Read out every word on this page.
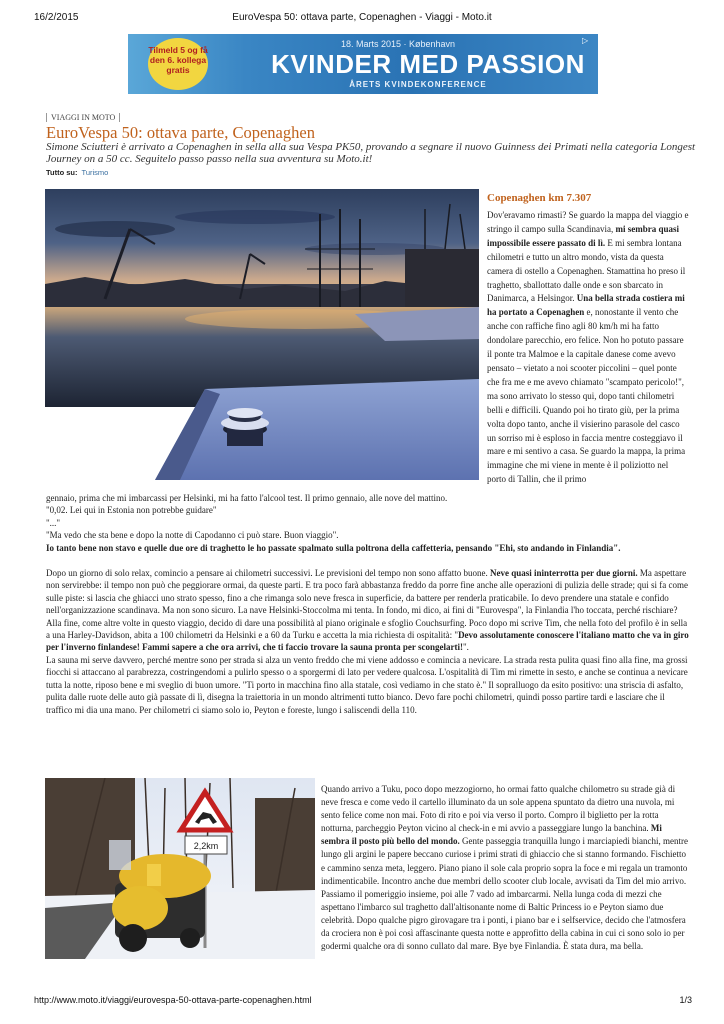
16/2/2015	EuroVespa 50: ottava parte, Copenaghen - Viaggi - Moto.it
Tilmeld 5 og få den 6. kollega gratis
18. Marts 2015 · København
KVINDER MED PASSION
ÅRETS KVINDEKONFERENCE
▷
VIAGGI IN MOTO
EuroVespa 50: ottava parte, Copenaghen

Simone Sciutteri è arrivato a Copenaghen in sella alla sua Vespa PK50, provando a segnare il nuovo Guinness dei Primati nella categoria Longest Journey on a 50 cc. Seguitelo passo passo nella sua avventura su Moto.it!

Tutto su: Turismo
Copenaghen km 7.307

Dov'eravamo rimasti? Se guardo la mappa del viaggio e stringo il campo sulla Scandinavia, mi sembra quasi impossibile essere passato di lì. E mi sembra lontana chilometri e tutto un altro mondo, vista da questa camera di ostello a Copenaghen. Stamattina ho preso il traghetto, sballottato dalle onde e son sbarcato in Danimarca, a Helsingor. Una bella strada costiera mi ha portato a Copenaghen e, nonostante il vento che anche con raffiche fino agli 80 km/h mi ha fatto dondolare parecchio, ero felice. Non ho potuto passare il ponte tra Malmoe e la capitale danese come avevo pensato – vietato a noi scooter piccolini – quel ponte che fra me e me avevo chiamato "scampato pericolo!", ma sono arrivato lo stesso qui, dopo tanti chilometri belli e difficili. Quando poi ho tirato giù, per la prima volta dopo tanto, anche il visierino parasole del casco un sorriso mi è esploso in faccia mentre costeggiavo il mare e mi sentivo a casa. Se guardo la mappa, la prima immagine che mi viene in mente è il poliziotto nel porto di Tallin, che il primo

gennaio, prima che mi imbarcassi per Helsinki, mi ha fatto l'alcool test. Il primo gennaio, alle nove del mattino.
"0,02. Lei qui in Estonia non potrebbe guidare"
"..."
"Ma vedo che sta bene e dopo la notte di Capodanno ci può stare. Buon viaggio".
Io tanto bene non stavo e quelle due ore di traghetto le ho passate spalmato sulla poltrona della caffetteria, pensando "Ehi, sto andando in Finlandia".
Dopo un giorno di solo relax, comincio a pensare ai chilometri successivi. Le previsioni del tempo non sono affatto buone. Neve quasi ininterrotta per due giorni. Ma aspettare non servirebbe: il tempo non può che peggiorare ormai, da queste parti. E tra poco farà abbastanza freddo da porre fine anche alle operazioni di pulizia delle strade; qui si fa come sulle piste: si lascia che ghiacci uno strato spesso, fino a che rimanga solo neve fresca in superficie, da battere per renderla praticabile. Io devo prendere una statale e confido nell'organizzazione scandinava. Ma non sono sicuro. La nave Helsinki-Stoccolma mi tenta. In fondo, mi dico, ai fini di "Eurovespa", la Finlandia l'ho toccata, perché rischiare? Alla fine, come altre volte in questo viaggio, decido di dare una possibilità al piano originale e sfoglio Couchsurfing. Poco dopo mi scrive Tim, che nella foto del profilo è in sella a una Harley-Davidson, abita a 100 chilometri da Helsinki e a 60 da Turku e accetta la mia richiesta di ospitalità: "Devo assolutamente conoscere l'italiano matto che va in giro per l'inverno finlandese! Fammi sapere a che ora arrivi, che ti faccio trovare la sauna pronta per scongelarti!".
La sauna mi serve davvero, perché mentre sono per strada si alza un vento freddo che mi viene addosso e comincia a nevicare. La strada resta pulita quasi fino alla fine, ma grossi fiocchi si attaccano al parabrezza, costringendomi a pulirlo spesso o a sporgermi di lato per vedere qualcosa. L'ospitalità di Tim mi rimette in sesto, e anche se continua a nevicare tutta la notte, riposo bene e mi sveglio di buon umore. "Ti porto in macchina fino alla statale, così vediamo in che stato è." Il sopralluogo da esito positivo: una striscia di asfalto, pulita dalle ruote delle auto già passate di lì, disegna la traiettoria in un mondo altrimenti tutto bianco. Devo fare pochi chilometri, quindi posso partire tardi e lasciare che il traffico mi dia una mano. Per chilometri ci siamo solo io, Peyton e foreste, lungo i saliscendi della 110.
2,2km

Quando arrivo a Tuku, poco dopo mezzogiorno, ho ormai fatto qualche chilometro su strade già di neve fresca e come vedo il cartello illuminato da un sole appena spuntato da dietro una nuvola, mi sento felice come non mai. Foto di rito e poi via verso il porto. Compro il biglietto per la rotta notturna, parcheggio Peyton vicino al check-in e mi avvio a passeggiare lungo la banchina. Mi sembra il posto più bello del mondo. Gente passeggia tranquilla lungo i marciapiedi bianchi, mentre lungo gli argini le papere beccano curiose i primi strati di ghiaccio che si stanno formando. Fischietto e cammino senza meta, leggero. Piano piano il sole cala proprio sopra la foce e mi regala un tramonto indimenticabile. Incontro anche due membri dello scooter club locale, avvisati da Tim del mio arrivo. Passiamo il pomeriggio insieme, poi alle 7 vado ad imbarcarmi. Nella lunga coda di mezzi che aspettano l'imbarco sul traghetto dall'altisonante nome di Baltic Princess io e Peyton siamo due celebrità. Dopo qualche pigro girovagare tra i ponti, i piano bar e i selfservice, decido che l'atmosfera da crociera non è poi così affascinante questa notte e approfitto della cabina in cui ci sono solo io per godermi qualche ora di sonno cullato dal mare. Bye bye Finlandia. È stata dura, ma bella.

http://www.moto.it/viaggi/eurovespa-50-ottava-parte-copenaghen.html	1/3
